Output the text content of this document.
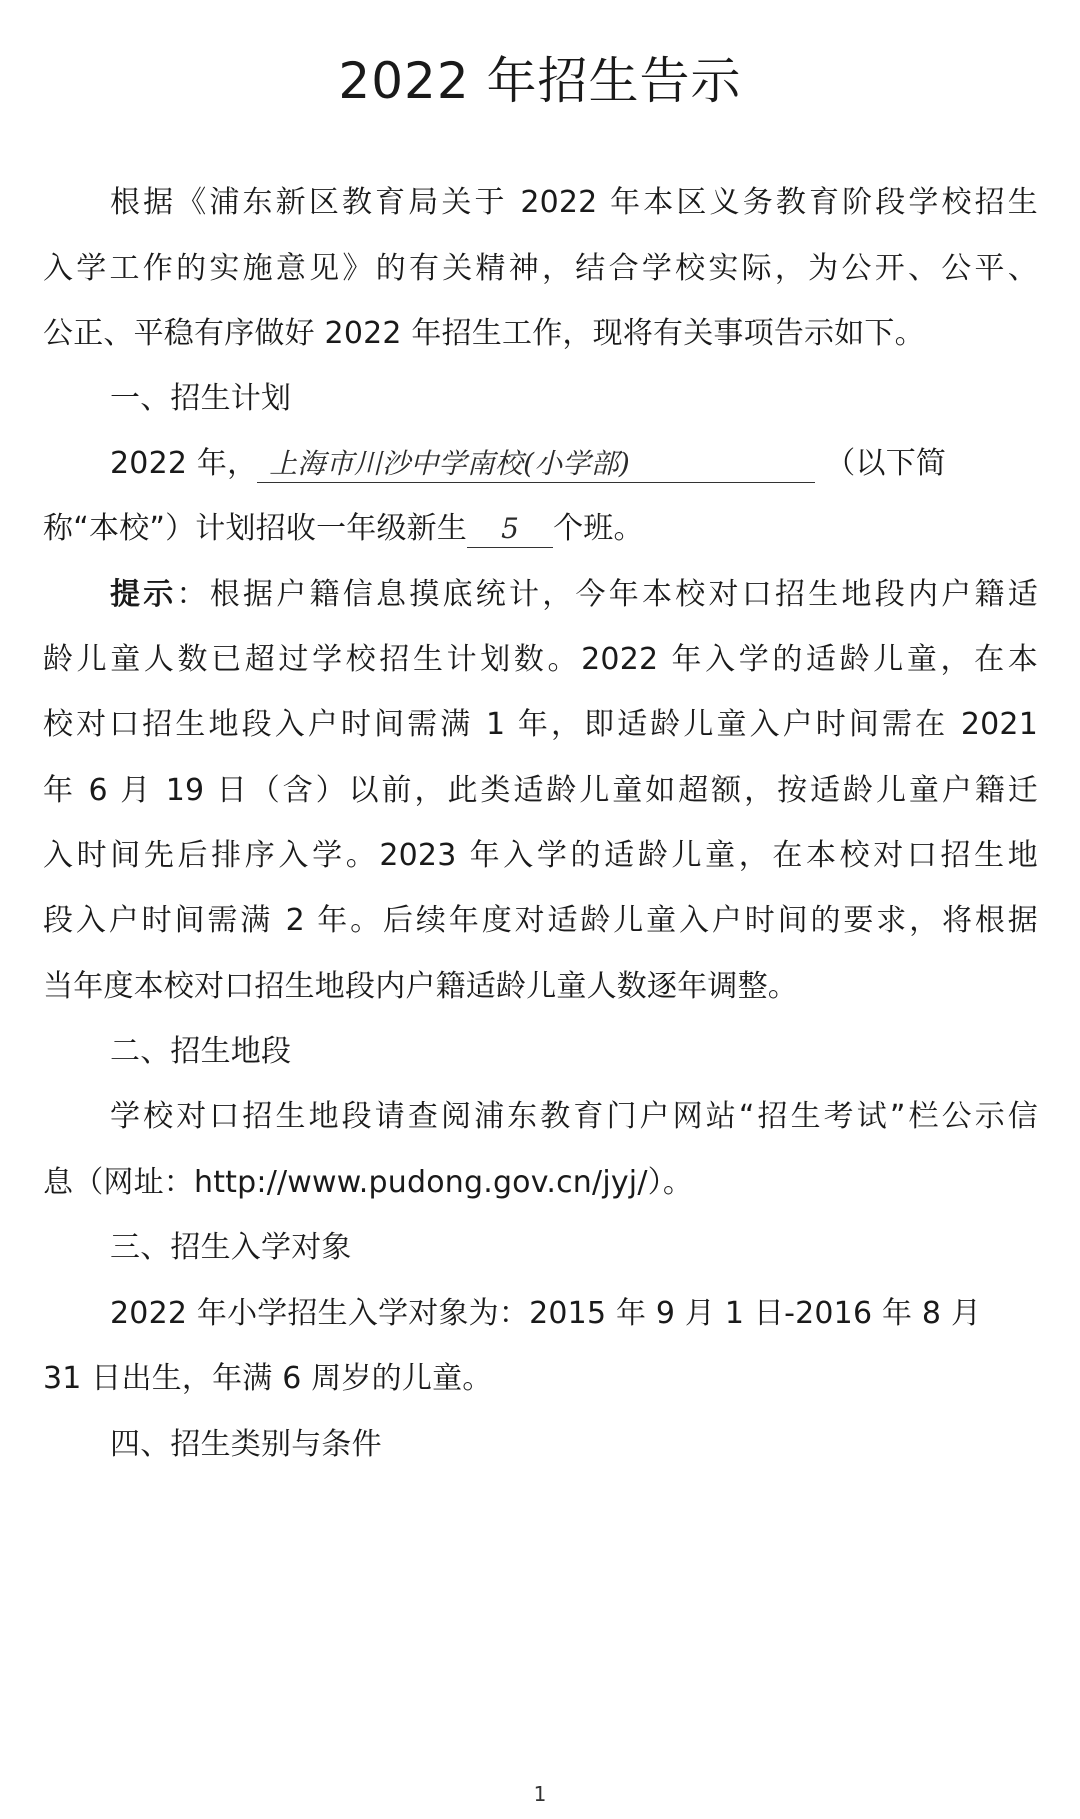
2022 年招生告示
根据《浦东新区教育局关于 2022 年本区义务教育阶段学校招生
入学工作的实施意见》的有关精神，结合学校实际，为公开、公平、
公正、平稳有序做好 2022 年招生工作，现将有关事项告示如下。
一、招生计划
2022 年， 上海市川沙中学南校(小学部)	（以下简
称“本校”）计划招收一年级新生 5 个班。
提示：根据户籍信息摸底统计，今年本校对口招生地段内户籍适
龄儿童人数已超过学校招生计划数。2022 年入学的适龄儿童，在本
校对口招生地段入户时间需满 1 年，即适龄儿童入户时间需在 2021
年 6 月 19 日（含）以前，此类适龄儿童如超额，按适龄儿童户籍迁
入时间先后排序入学。2023 年入学的适龄儿童，在本校对口招生地
段入户时间需满 2 年。后续年度对适龄儿童入户时间的要求，将根据
当年度本校对口招生地段内户籍适龄儿童人数逐年调整。
二、招生地段
学校对口招生地段请查阅浦东教育门户网站“招生考试”栏公示信
息（网址：http://www.pudong.gov.cn/jyj/）。
三、招生入学对象
2022 年小学招生入学对象为：2015 年 9 月 1 日-2016 年 8 月
31 日出生，年满 6 周岁的儿童。
四、招生类别与条件
1
